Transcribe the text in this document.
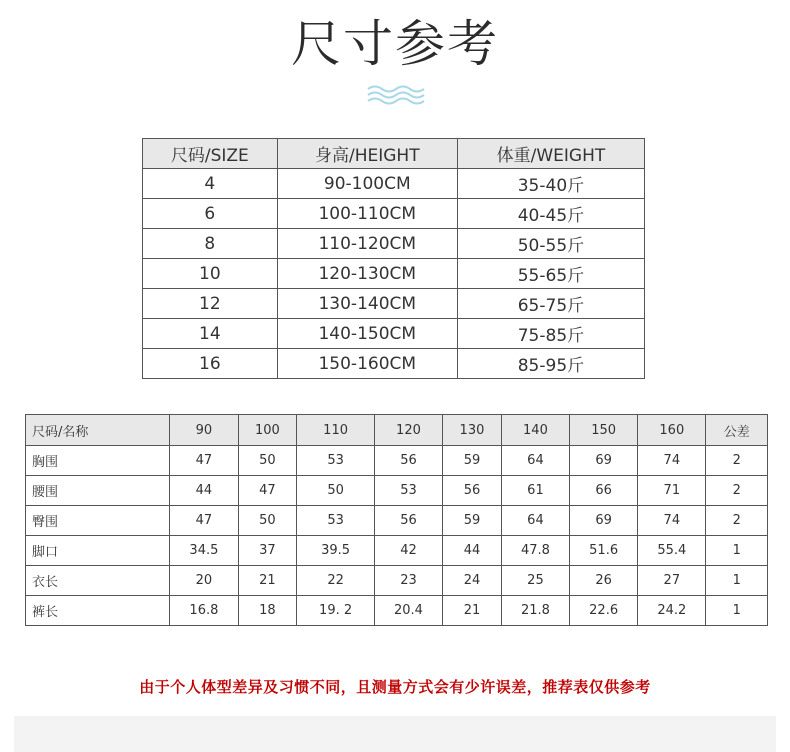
尺寸参考
尺码/SIZE	身高/HEIGHT	体重/WEIGHT
4	90-100CM	35-40斤
6	100-110CM	40-45斤
8	110-120CM	50-55斤
10	120-130CM	55-65斤
12	130-140CM	65-75斤
14	140-150CM	75-85斤
16	150-160CM	85-95斤
尺码/名称	90	100	110	120	130	140	150	160	公差
胸围	47	50	53	56	59	64	69	74	2
腰围	44	47	50	53	56	61	66	71	2
臀围	47	50	53	56	59	64	69	74	2
脚口	34.5	37	39.5	42	44	47.8	51.6	55.4	1
衣长	20	21	22	23	24	25	26	27	1
裤长	16.8	18	19. 2	20.4	21	21.8	22.6	24.2	1
由于个人体型差异及习惯不同，且测量方式会有少许误差，推荐表仅供参考
